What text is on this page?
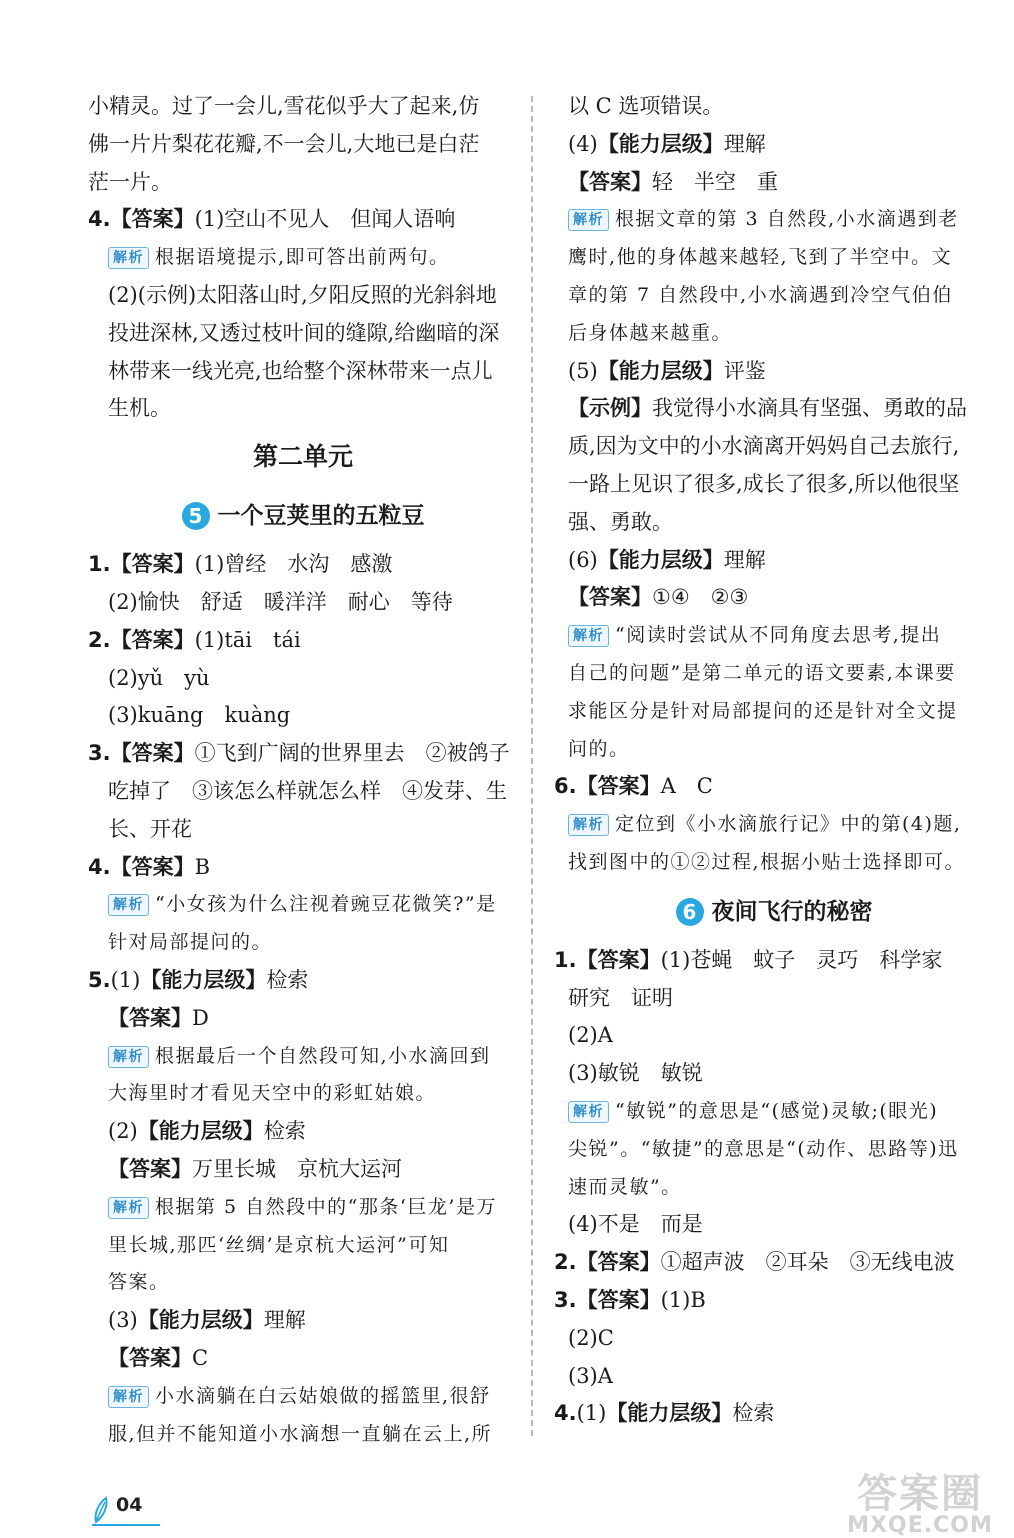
小精灵。过了一会儿,雪花似乎大了起来,仿
佛一片片梨花花瓣,不一会儿,大地已是白茫
茫一片。
4.【答案】(1)空山不见人　但闻人语响
解析 根据语境提示,即可答出前两句。
(2)(示例)太阳落山时,夕阳反照的光斜斜地
投进深林,又透过枝叶间的缝隙,给幽暗的深
林带来一线光亮,也给整个深林带来一点儿
生机。
第二单元
5 一个豆荚里的五粒豆
1.【答案】(1)曾经　水沟　感激
(2)愉快　舒适　暖洋洋　耐心　等待
2.【答案】(1)tāi　tái
(2)yǔ　yù
(3)kuāng　kuàng
3.【答案】①飞到广阔的世界里去　②被鸽子
吃掉了　③该怎么样就怎么样　④发芽、生
长、开花
4.【答案】B
解析 “小女孩为什么注视着豌豆花微笑?”是
针对局部提问的。
5.(1)【能力层级】检索
【答案】D
解析 根据最后一个自然段可知,小水滴回到
大海里时才看见天空中的彩虹姑娘。
(2)【能力层级】检索
【答案】万里长城　京杭大运河
解析 根据第 5 自然段中的“那条‘巨龙’是万
里长城,那匹‘丝绸’是京杭大运河”可知
答案。
(3)【能力层级】理解
【答案】C
解析 小水滴躺在白云姑娘做的摇篮里,很舒
服,但并不能知道小水滴想一直躺在云上,所
以 C 选项错误。
(4)【能力层级】理解
【答案】轻　半空　重
解析 根据文章的第 3 自然段,小水滴遇到老
鹰时,他的身体越来越轻,飞到了半空中。文
章的第 7 自然段中,小水滴遇到冷空气伯伯
后身体越来越重。
(5)【能力层级】评鉴
【示例】我觉得小水滴具有坚强、勇敢的品
质,因为文中的小水滴离开妈妈自己去旅行,
一路上见识了很多,成长了很多,所以他很坚
强、勇敢。
(6)【能力层级】理解
【答案】①④　②③
解析 “阅读时尝试从不同角度去思考,提出
自己的问题”是第二单元的语文要素,本课要
求能区分是针对局部提问的还是针对全文提
问的。
6.【答案】A　C
解析 定位到《小水滴旅行记》中的第(4)题,
找到图中的①②过程,根据小贴士选择即可。
6 夜间飞行的秘密
1.【答案】(1)苍蝇　蚊子　灵巧　科学家
研究　证明
(2)A
(3)敏锐　敏锐
解析 “敏锐”的意思是“(感觉)灵敏;(眼光)
尖锐”。“敏捷”的意思是“(动作、思路等)迅
速而灵敏”。
(4)不是　而是
2.【答案】①超声波　②耳朵　③无线电波
3.【答案】(1)B
(2)C
(3)A
4.(1)【能力层级】检索
04	答案圈
MXQE.COM
